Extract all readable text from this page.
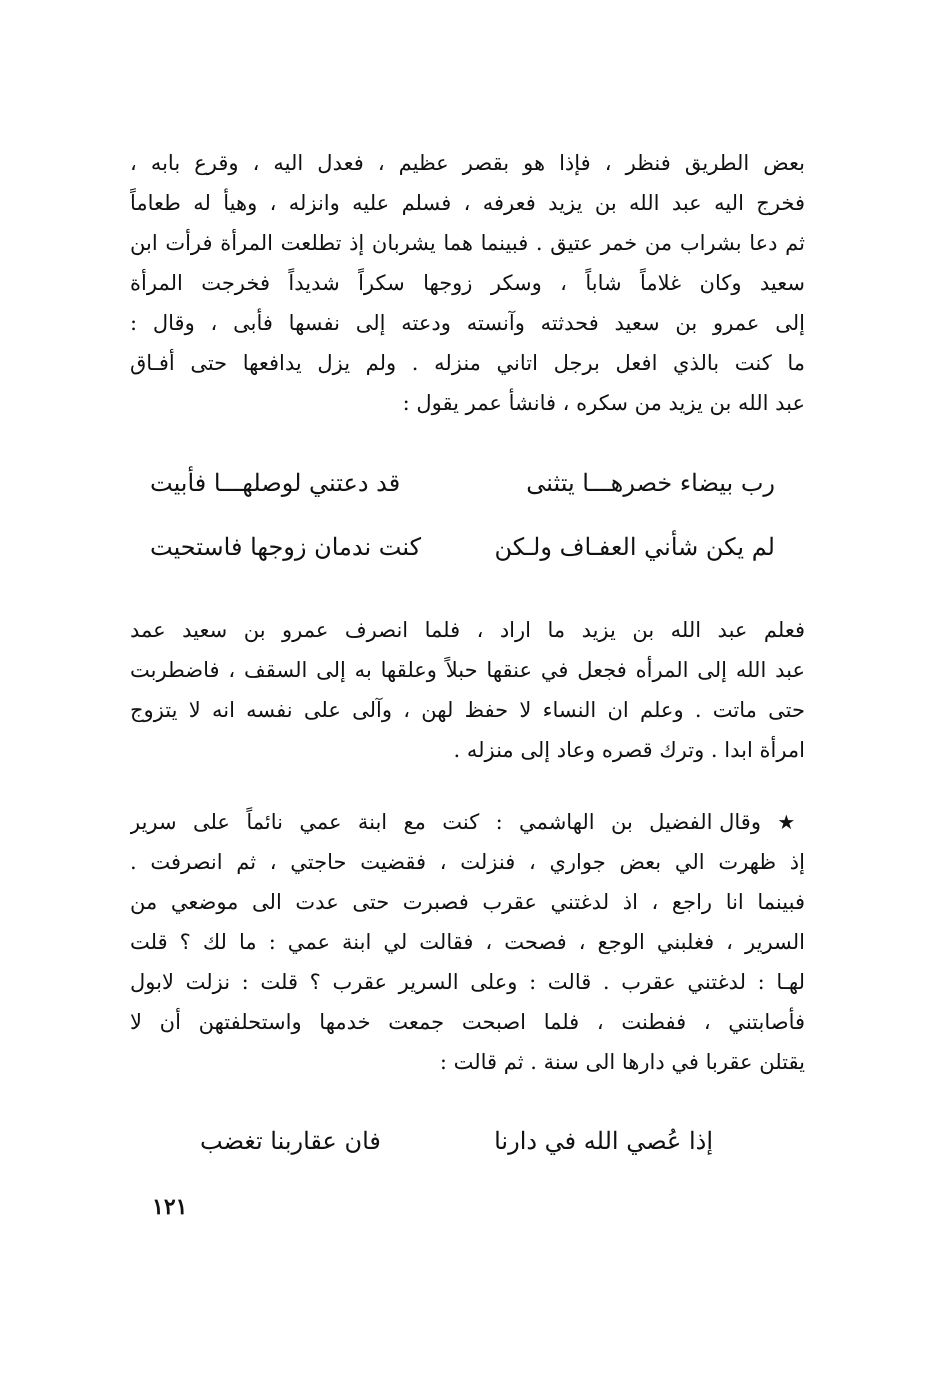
بعض الطريق فنظر ، فإذا هو بقصر عظيم ، فعدل اليه ، وقرع بابه ،
فخرج اليه عبد الله بن يزيد فعرفه ، فسلم عليه وانزله ، وهيأ له طعاماً
ثم دعا بشراب من خمر عتيق . فبينما هما يشربان إذ تطلعت المرأة فرأت ابن
سعيد وكان غلاماً شاباً ، وسكر زوجها سكراً شديداً فخرجت المرأة
إلى عمرو بن سعيد فحدثته وآنسته ودعته إلى نفسها فأبى ، وقال :
ما كنت بالذي افعل برجل اتاني منزله . ولم يزل يدافعها حتى أفـاق
عبد الله بن يزيد من سكره ، فانشأ عمر يقول :
رب بيضاء خصرهـــا يتثنى
قد دعتني لوصلهـــا فأبيت
لم يكن شأني العفـاف ولـكن
كنت ندمان زوجها فاستحيت
فعلم عبد الله بن يزيد ما اراد ، فلما انصرف عمرو بن سعيد عمد
عبد الله إلى المرأه فجعل في عنقها حبلاً وعلقها به إلى السقف ، فاضطربت
حتى ماتت . وعلم ان النساء لا حفظ لهن ، وآلى على نفسه انه لا يتزوج
امرأة ابدا . وترك قصره وعاد إلى منزله .
★ وقال الفضيل بن الهاشمي : كنت مع ابنة عمي نائماً على سرير
إذ ظهرت الي بعض جواري ، فنزلت ، فقضيت حاجتي ، ثم انصرفت .
فبينما انا راجع ، اذ لدغتني عقرب فصبرت حتى عدت الى موضعي من
السرير ، فغلبني الوجع ، فصحت ، فقالت لي ابنة عمي : ما لك ؟ قلت
لهـا : لدغتني عقرب . قالت : وعلى السرير عقرب ؟ قلت : نزلت لابول
فأصابتني ، ففطنت ، فلما اصبحت جمعت خدمها واستحلفتهن أن لا
يقتلن عقربا في دارها الى سنة . ثم قالت :
إذا عُصي الله في دارنا
فان عقاربنا تغضب
١٢١
